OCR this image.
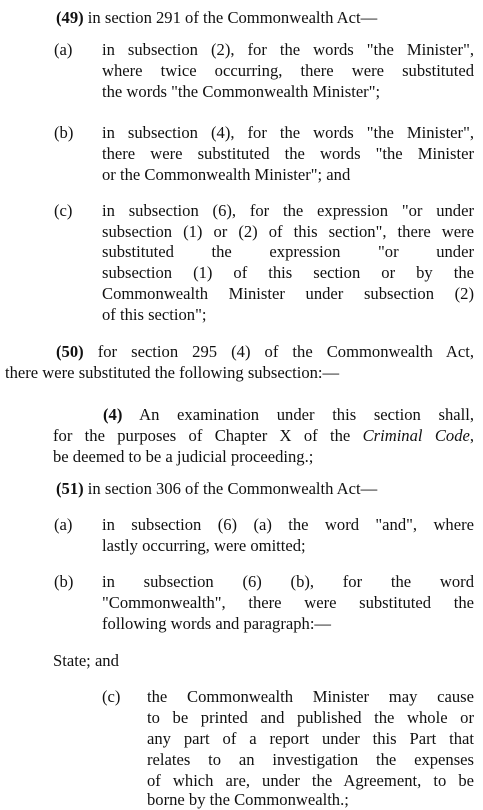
(49) in section 291 of the Commonwealth Act—
(a) in subsection (2), for the words "the Minister",
where twice occurring, there were substituted
the words "the Commonwealth Minister";
(b) in subsection (4), for the words "the Minister",
there were substituted the words "the Minister
or the Commonwealth Minister"; and
(c) in subsection (6), for the expression "or under
subsection (1) or (2) of this section", there were
substituted the expression "or under
subsection (1) of this section or by the
Commonwealth Minister under subsection (2)
of this section";
(50) for section 295 (4) of the Commonwealth Act,
there were substituted the following subsection:—
(4) An examination under this section shall,
for the purposes of Chapter X of the Criminal Code,
be deemed to be a judicial proceeding.;
(51) in section 306 of the Commonwealth Act—
(a) in subsection (6) (a) the word "and", where
lastly occurring, were omitted;
(b) in subsection (6) (b), for the word
"Commonwealth", there were substituted the
following words and paragraph:—
State; and
(c) the Commonwealth Minister may cause
to be printed and published the whole or
any part of a report under this Part that
relates to an investigation the expenses
of which are, under the Agreement, to be
borne by the Commonwealth.;
